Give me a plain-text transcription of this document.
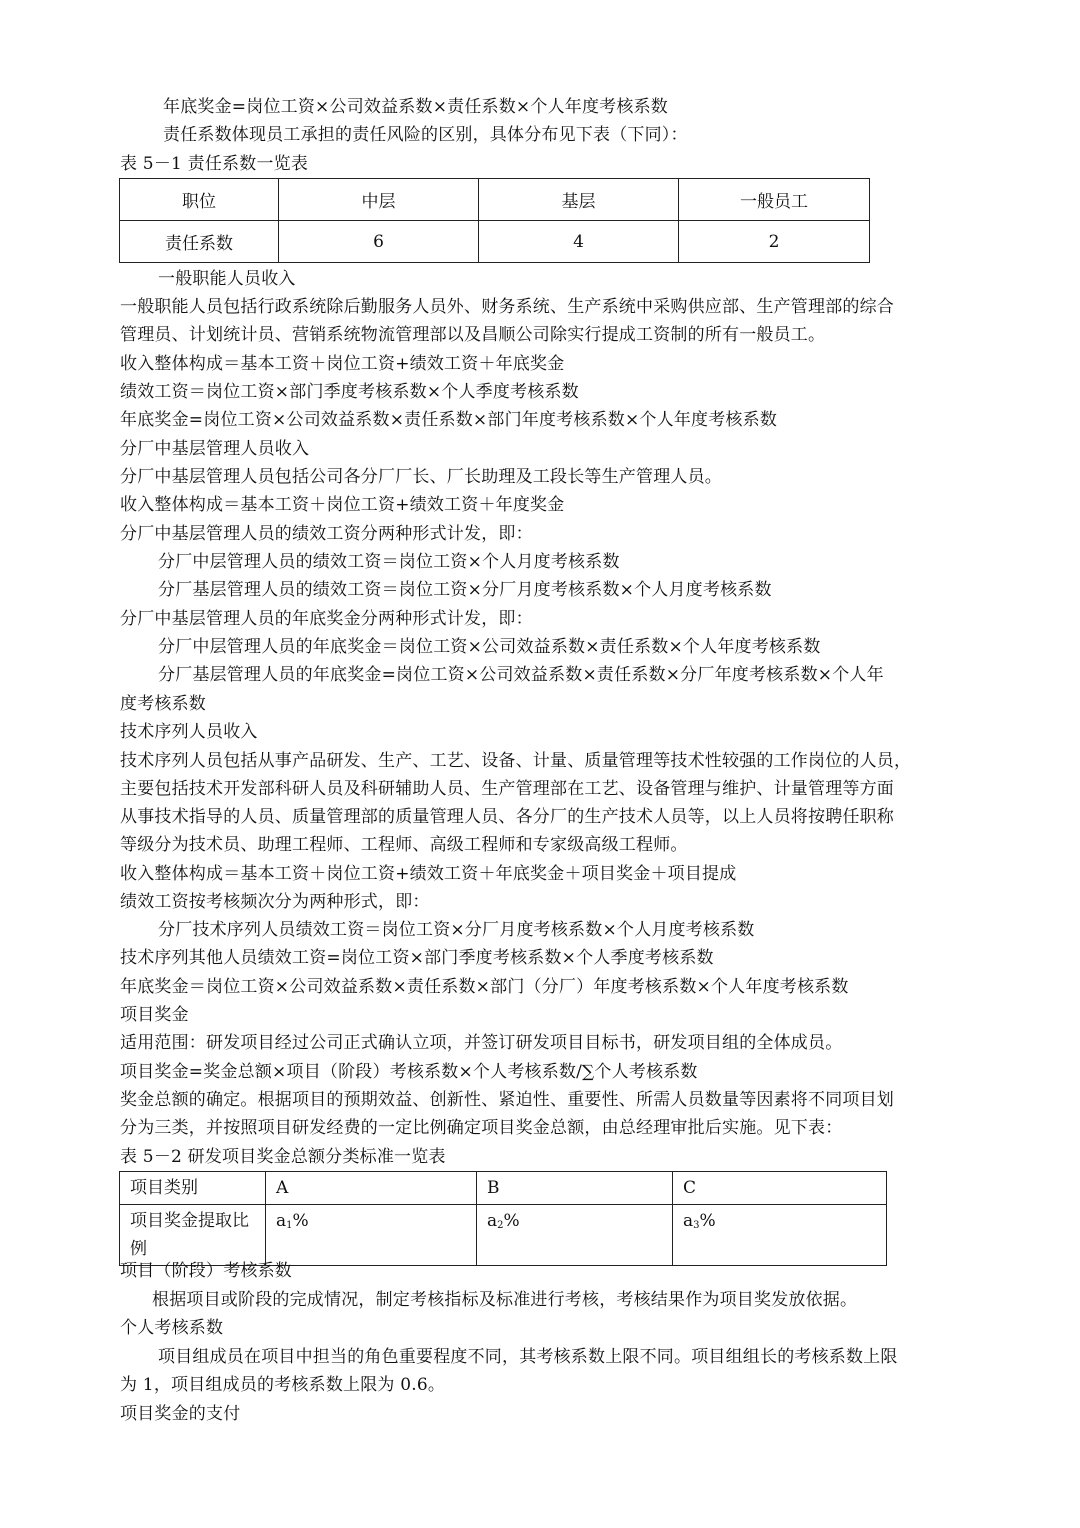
年底奖金=岗位工资×公司效益系数×责任系数×个人年度考核系数
责任系数体现员工承担的责任风险的区别，具体分布见下表（下同）：
表 5－1 责任系数一览表
职位	中层	基层	一般员工
责任系数	6	4	2
一般职能人员收入
一般职能人员包括行政系统除后勤服务人员外、财务系统、生产系统中采购供应部、生产管理部的综合
管理员、计划统计员、营销系统物流管理部以及昌顺公司除实行提成工资制的所有一般员工。
收入整体构成＝基本工资＋岗位工资+绩效工资＋年底奖金
绩效工资＝岗位工资×部门季度考核系数×个人季度考核系数
年底奖金=岗位工资×公司效益系数×责任系数×部门年度考核系数×个人年度考核系数
分厂中基层管理人员收入
分厂中基层管理人员包括公司各分厂厂长、厂长助理及工段长等生产管理人员。
收入整体构成＝基本工资＋岗位工资+绩效工资＋年度奖金
分厂中基层管理人员的绩效工资分两种形式计发，即：
分厂中层管理人员的绩效工资＝岗位工资×个人月度考核系数
分厂基层管理人员的绩效工资＝岗位工资×分厂月度考核系数×个人月度考核系数
分厂中基层管理人员的年底奖金分两种形式计发，即：
分厂中层管理人员的年底奖金＝岗位工资×公司效益系数×责任系数×个人年度考核系数
分厂基层管理人员的年底奖金=岗位工资×公司效益系数×责任系数×分厂年度考核系数×个人年
度考核系数
技术序列人员收入
技术序列人员包括从事产品研发、生产、工艺、设备、计量、质量管理等技术性较强的工作岗位的人员，
主要包括技术开发部科研人员及科研辅助人员、生产管理部在工艺、设备管理与维护、计量管理等方面
从事技术指导的人员、质量管理部的质量管理人员、各分厂的生产技术人员等，以上人员将按聘任职称
等级分为技术员、助理工程师、工程师、高级工程师和专家级高级工程师。
收入整体构成＝基本工资＋岗位工资+绩效工资＋年底奖金＋项目奖金＋项目提成
绩效工资按考核频次分为两种形式，即：
分厂技术序列人员绩效工资＝岗位工资×分厂月度考核系数×个人月度考核系数
技术序列其他人员绩效工资=岗位工资×部门季度考核系数×个人季度考核系数
年底奖金＝岗位工资×公司效益系数×责任系数×部门（分厂）年度考核系数×个人年度考核系数
项目奖金
适用范围：研发项目经过公司正式确认立项，并签订研发项目目标书，研发项目组的全体成员。
项目奖金=奖金总额×项目（阶段）考核系数×个人考核系数/∑个人考核系数
奖金总额的确定。根据项目的预期效益、创新性、紧迫性、重要性、所需人员数量等因素将不同项目划
分为三类，并按照项目研发经费的一定比例确定项目奖金总额，由总经理审批后实施。见下表：
表 5－2 研发项目奖金总额分类标准一览表
项目类别	A	B	C
项目奖金提取比例	$a_1\%$	$a_2\%$	$a_3\%$
项目（阶段）考核系数
根据项目或阶段的完成情况，制定考核指标及标准进行考核，考核结果作为项目奖发放依据。
个人考核系数
项目组成员在项目中担当的角色重要程度不同，其考核系数上限不同。项目组组长的考核系数上限
为 1，项目组成员的考核系数上限为 0.6。
项目奖金的支付
